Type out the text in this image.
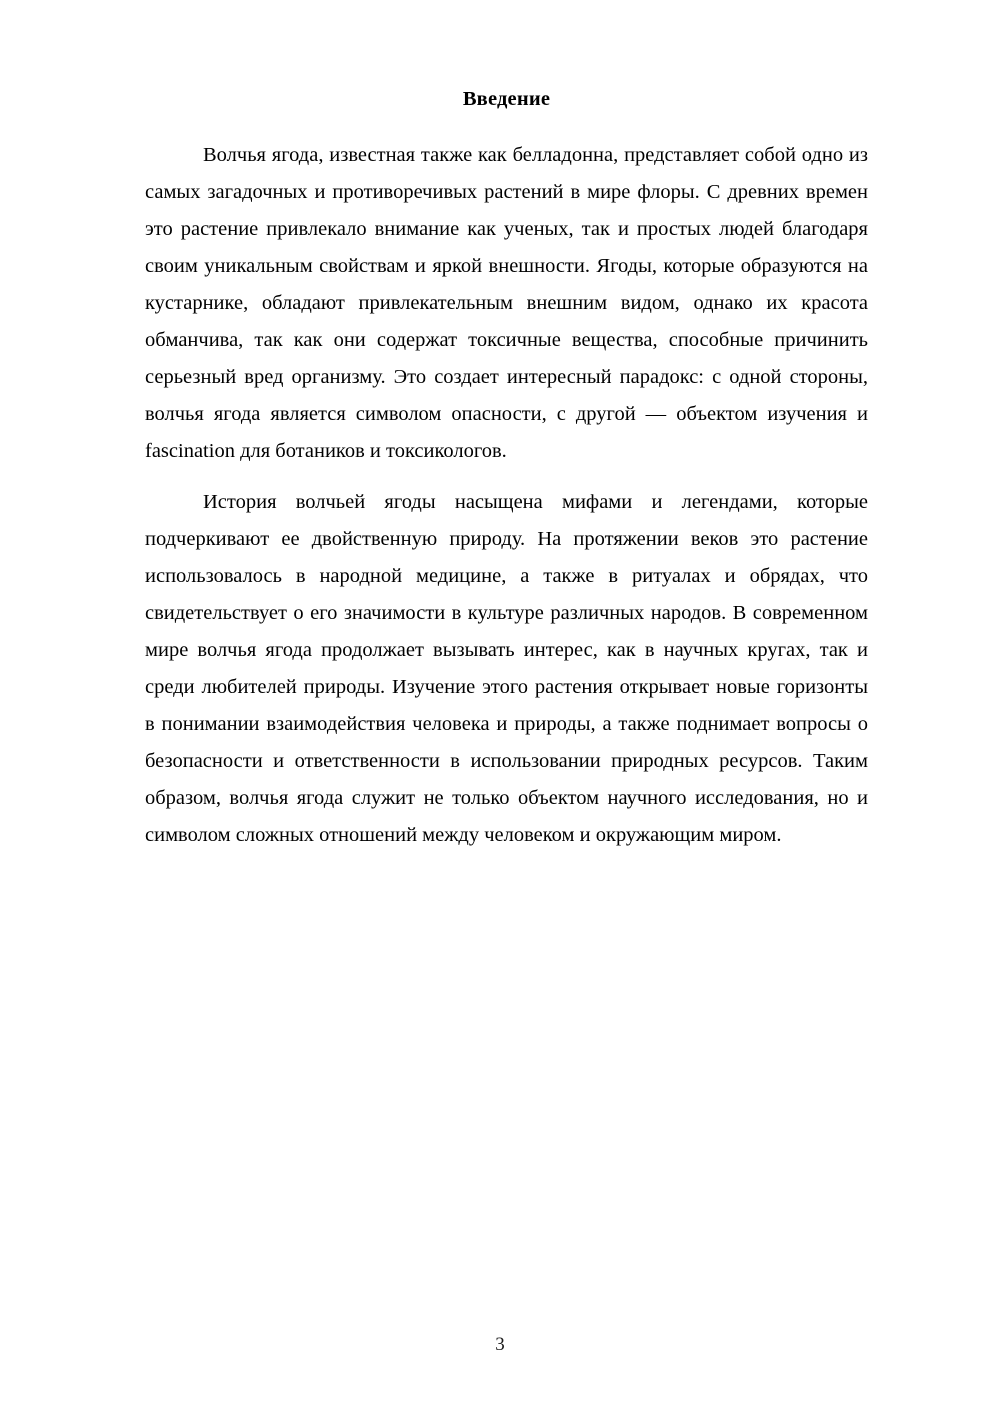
Введение

Волчья ягода, известная также как белладонна, представляет собой одно из самых загадочных и противоречивых растений в мире флоры. С древних времен это растение привлекало внимание как ученых, так и простых людей благодаря своим уникальным свойствам и яркой внешности. Ягоды, которые образуются на кустарнике, обладают привлекательным внешним видом, однако их красота обманчива, так как они содержат токсичные вещества, способные причинить серьезный вред организму. Это создает интересный парадокс: с одной стороны, волчья ягода является символом опасности, с другой — объектом изучения и fascination для ботаников и токсикологов.

История волчьей ягоды насыщена мифами и легендами, которые подчеркивают ее двойственную природу. На протяжении веков это растение использовалось в народной медицине, а также в ритуалах и обрядах, что свидетельствует о его значимости в культуре различных народов. В современном мире волчья ягода продолжает вызывать интерес, как в научных кругах, так и среди любителей природы. Изучение этого растения открывает новые горизонты в понимании взаимодействия человека и природы, а также поднимает вопросы о безопасности и ответственности в использовании природных ресурсов. Таким образом, волчья ягода служит не только объектом научного исследования, но и символом сложных отношений между человеком и окружающим миром.

3
